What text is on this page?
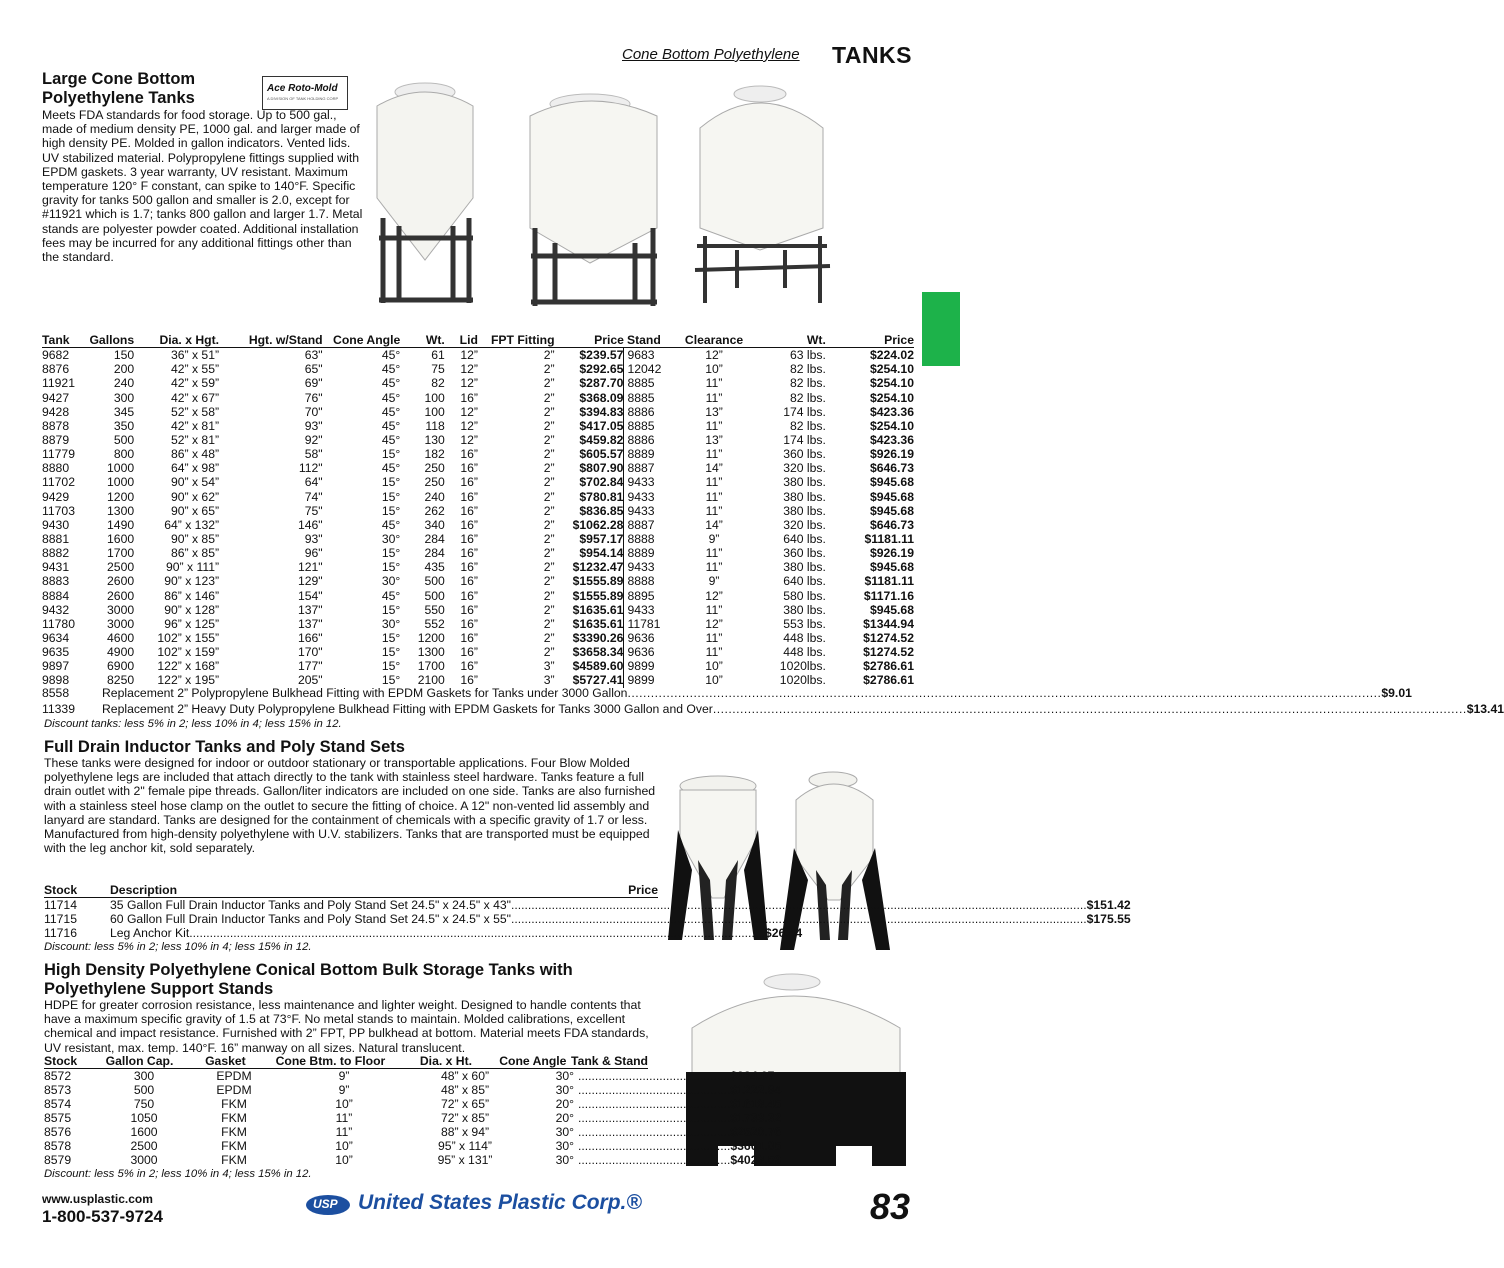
Cone Bottom Polyethylene TANKS
Large Cone Bottom
Polyethylene Tanks
Ace Roto-Mold
A DIVISION OF TANK HOLDING CORP
Meets FDA standards for food storage. Up to 500 gal., made of medium density PE, 1000 gal. and larger made of high density PE. Molded in gallon indicators. Vented lids. UV stabilized material. Polypropylene fittings supplied with EPDM gaskets. 3 year warranty, UV resistant. Maximum temperature 120° F constant, can spike to 140°F. Specific gravity for tanks 500 gallon and smaller is 2.0, except for #11921 which is 1.7; tanks 800 gallon and larger 1.7. Metal stands are polyester powder coated. Additional installation fees may be incurred for any additional fittings other than the standard.
Tank	Gallons	Dia. x Hgt.	Hgt. w/Stand	Cone Angle	Wt.	Lid	FPT Fitting	Price	Stand	Clearance	Wt.	Price
9682	150	36” x 51”	63"	45°	61	12”	2”	$239.57	9683	12”	63 lbs.	$224.02
8876	200	42” x 55”	65"	45°	75	12”	2”	$292.65	12042	10”	82 lbs.	$254.10
11921	240	42” x 59”	69"	45°	82	12”	2”	$287.70	8885	11”	82 lbs.	$254.10
9427	300	42” x 67”	76"	45°	100	16”	2”	$368.09	8885	11”	82 lbs.	$254.10
9428	345	52” x 58”	70"	45°	100	12”	2”	$394.83	8886	13”	174 lbs.	$423.36
8878	350	42” x 81”	93"	45°	118	12”	2”	$417.05	8885	11”	82 lbs.	$254.10
8879	500	52” x 81”	92"	45°	130	12”	2”	$459.82	8886	13”	174 lbs.	$423.36
11779	800	86” x 48”	58"	15°	182	16”	2”	$605.57	8889	11”	360 lbs.	$926.19
8880	1000	64” x 98”	112"	45°	250	16”	2”	$807.90	8887	14”	320 lbs.	$646.73
11702	1000	90” x 54”	64"	15°	250	16”	2”	$702.84	9433	11”	380 lbs.	$945.68
9429	1200	90” x 62”	74"	15°	240	16”	2”	$780.81	9433	11”	380 lbs.	$945.68
11703	1300	90” x 65”	75"	15°	262	16”	2”	$836.85	9433	11”	380 lbs.	$945.68
9430	1490	64” x 132”	146"	45°	340	16”	2”	$1062.28	8887	14”	320 lbs.	$646.73
8881	1600	90” x 85”	93"	30°	284	16”	2”	$957.17	8888	9”	640 lbs.	$1181.11
8882	1700	86” x 85”	96"	15°	284	16”	2”	$954.14	8889	11”	360 lbs.	$926.19
9431	2500	90” x 111”	121"	15°	435	16”	2”	$1232.47	9433	11”	380 lbs.	$945.68
8883	2600	90” x 123”	129"	30°	500	16”	2”	$1555.89	8888	9”	640 lbs.	$1181.11
8884	2600	86” x 146”	154"	45°	500	16”	2”	$1555.89	8895	12”	580 lbs.	$1171.16
9432	3000	90” x 128”	137"	15°	550	16”	2”	$1635.61	9433	11”	380 lbs.	$945.68
11780	3000	96” x 125”	137"	30°	552	16”	2”	$1635.61	11781	12”	553 lbs.	$1344.94
9634	4600	102” x 155”	166"	15°	1200	16”	2”	$3390.26	9636	11”	448 lbs.	$1274.52
9635	4900	102” x 159”	170"	15°	1300	16”	2”	$3658.34	9636	11”	448 lbs.	$1274.52
9897	6900	122” x 168”	177"	15°	1700	16”	3”	$4589.60	9899	10”	1020lbs.	$2786.61
9898	8250	122” x 195”	205"	15°	2100	16”	3”	$5727.41	9899	10”	1020lbs.	$2786.61
8558	Replacement 2” Polypropylene Bulkhead Fitting with EPDM Gaskets for Tanks under 3000 Gallon .....	$9.01
11339	Replacement 2” Heavy Duty Polypropylene Bulkhead Fitting with EPDM Gaskets for Tanks 3000 Gallon and Over .....	$13.41
Discount tanks: less 5% in 2; less 10% in 4; less 15% in 12.
Full Drain Inductor Tanks and Poly Stand Sets
These tanks were designed for indoor or outdoor stationary or transportable applications. Four Blow Molded polyethylene legs are included that attach directly to the tank with stainless steel hardware. Tanks feature a full drain outlet with 2" female pipe threads. Gallon/liter indicators are included on one side. Tanks are also furnished with a stainless steel hose clamp on the outlet to secure the fitting of choice. A 12" non-vented lid assembly and lanyard are standard. Tanks are designed for the containment of chemicals with a specific gravity of 1.7 or less. Manufactured from high-density polyethylene with U.V. stabilizers. Tanks that are transported must be equipped with the leg anchor kit, sold separately.
Stock	Description	Price
11714	35 Gallon Full Drain Inductor Tanks and Poly Stand Set 24.5" x 24.5" x 43" .......................................................................................................................................................................... $151.42
11715	60 Gallon Full Drain Inductor Tanks and Poly Stand Set 24.5" x 24.5" x 55" .......................................................................................................................................................................... $175.55
11716	Leg Anchor Kit .......................................................................................................................................................................... $26.44
Discount: less 5% in 2; less 10% in 4; less 15% in 12.
High Density Polyethylene Conical Bottom Bulk Storage Tanks with
Polyethylene Support Stands
HDPE for greater corrosion resistance, less maintenance and lighter weight. Designed to handle contents that have a maximum specific gravity of 1.5 at 73°F. No metal stands to maintain. Molded calibrations, excellent chemical and impact resistance. Furnished with 2” FPT, PP bulkhead at bottom. Material meets FDA standards, UV resistant, max. temp. 140°F. 16” manway on all sizes. Natural translucent.
Stock	Gallon Cap.	Gasket	Cone Btm. to Floor	Dia. x Ht.	Cone Angle Tank & Stand
8572	300	EPDM	9”	48” x 60”	30° ............................................. $984.07
8573	500	EPDM	9”	48” x 85”	30° ............................................. $1222.94
8574	750	FKM	10”	72” x 65”	20° ............................................. $1619.45
8575	1050	FKM	11”	72” x 85”	20° ............................................. $1733.32
8576	1600	FKM	11”	88” x 94”	30° ............................................. $2520.76
8578	2500	FKM	10”	95” x 114”	30° ............................................. $3601.05
8579	3000	FKM	10”	95” x 131”	30° ............................................. $4029.59
Discount: less 5% in 2; less 10% in 4; less 15% in 12.
www.usplastic.com
1-800-537-9724
USP United States Plastic Corp.®	83
